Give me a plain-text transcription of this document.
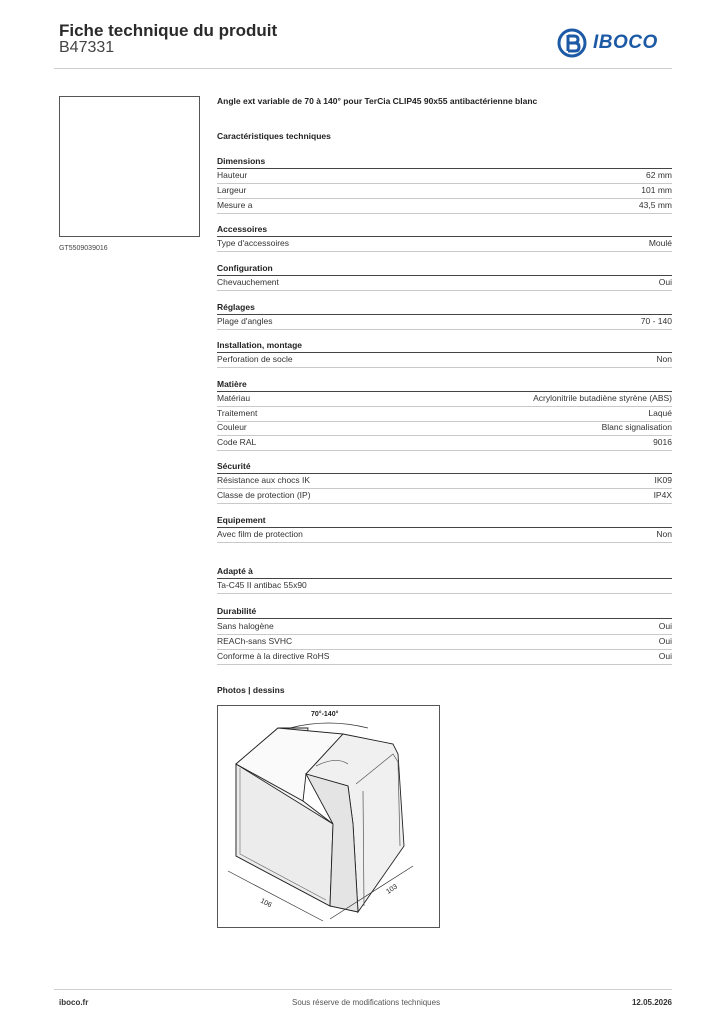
Fiche technique du produit
B47331	IBOCO
GT5509039016
Angle ext variable de 70 à 140° pour TerCia CLIP45 90x55 antibactérienne blanc
Caractéristiques techniques
Dimensions
Hauteur	62 mm
Largeur	101 mm
Mesure a	43,5 mm
Accessoires
Type d'accessoires	Moulé
Configuration
Chevauchement	Oui
Réglages
Plage d'angles	70 - 140
Installation, montage
Perforation de socle	Non
Matière
Matériau	Acrylonitrile butadiène styrène (ABS)
Traitement	Laqué
Couleur	Blanc signalisation
Code RAL	9016
Sécurité
Résistance aux chocs IK	IK09
Classe de protection (IP)	IP4X
Equipement
Avec film de protection	Non
Adapté à
Ta-C45 II antibac 55x90
Durabilité
Sans halogène	Oui
REACh-sans SVHC	Oui
Conforme à la directive RoHS	Oui
Photos | dessins
70°-140°
106
103
iboco.fr	Sous réserve de modifications techniques	12.05.2026
